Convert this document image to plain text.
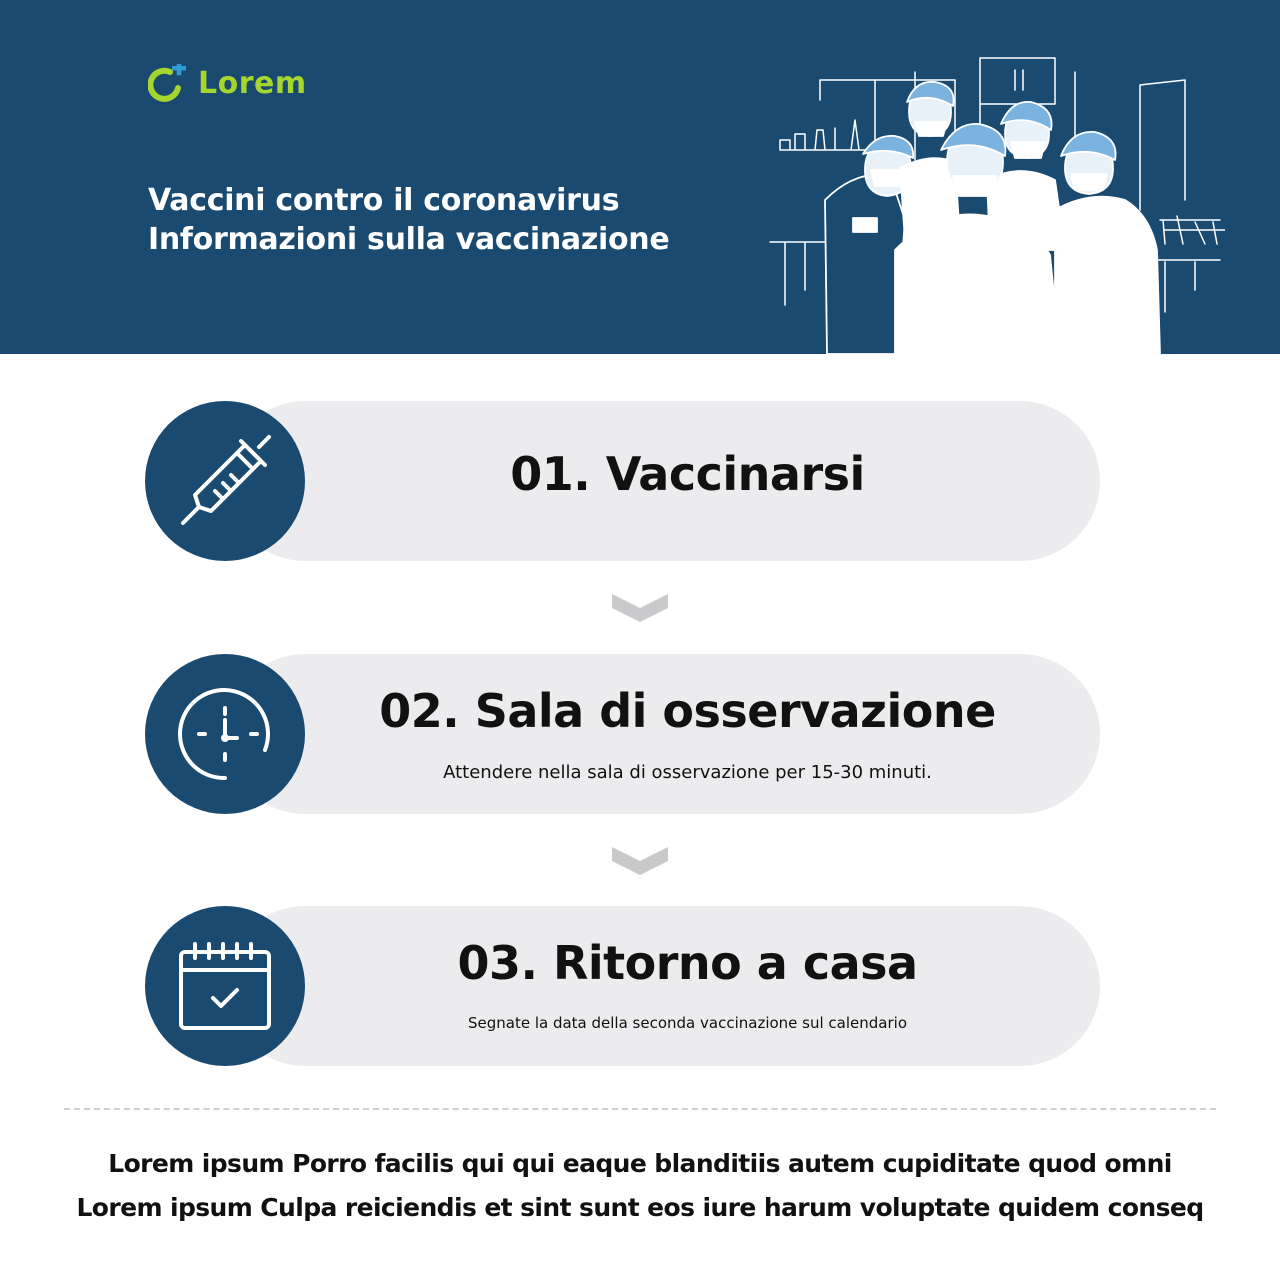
Lorem
Vaccini contro il coronavirus
Informazioni sulla vaccinazione
01. Vaccinarsi
02. Sala di osservazione
Attendere nella sala di osservazione per 15-30 minuti.
03. Ritorno a casa
Segnate la data della seconda vaccinazione sul calendario
Lorem ipsum Porro facilis qui qui eaque blanditiis autem cupiditate quod omni
Lorem ipsum Culpa reiciendis et sint sunt eos iure harum voluptate quidem conseq
